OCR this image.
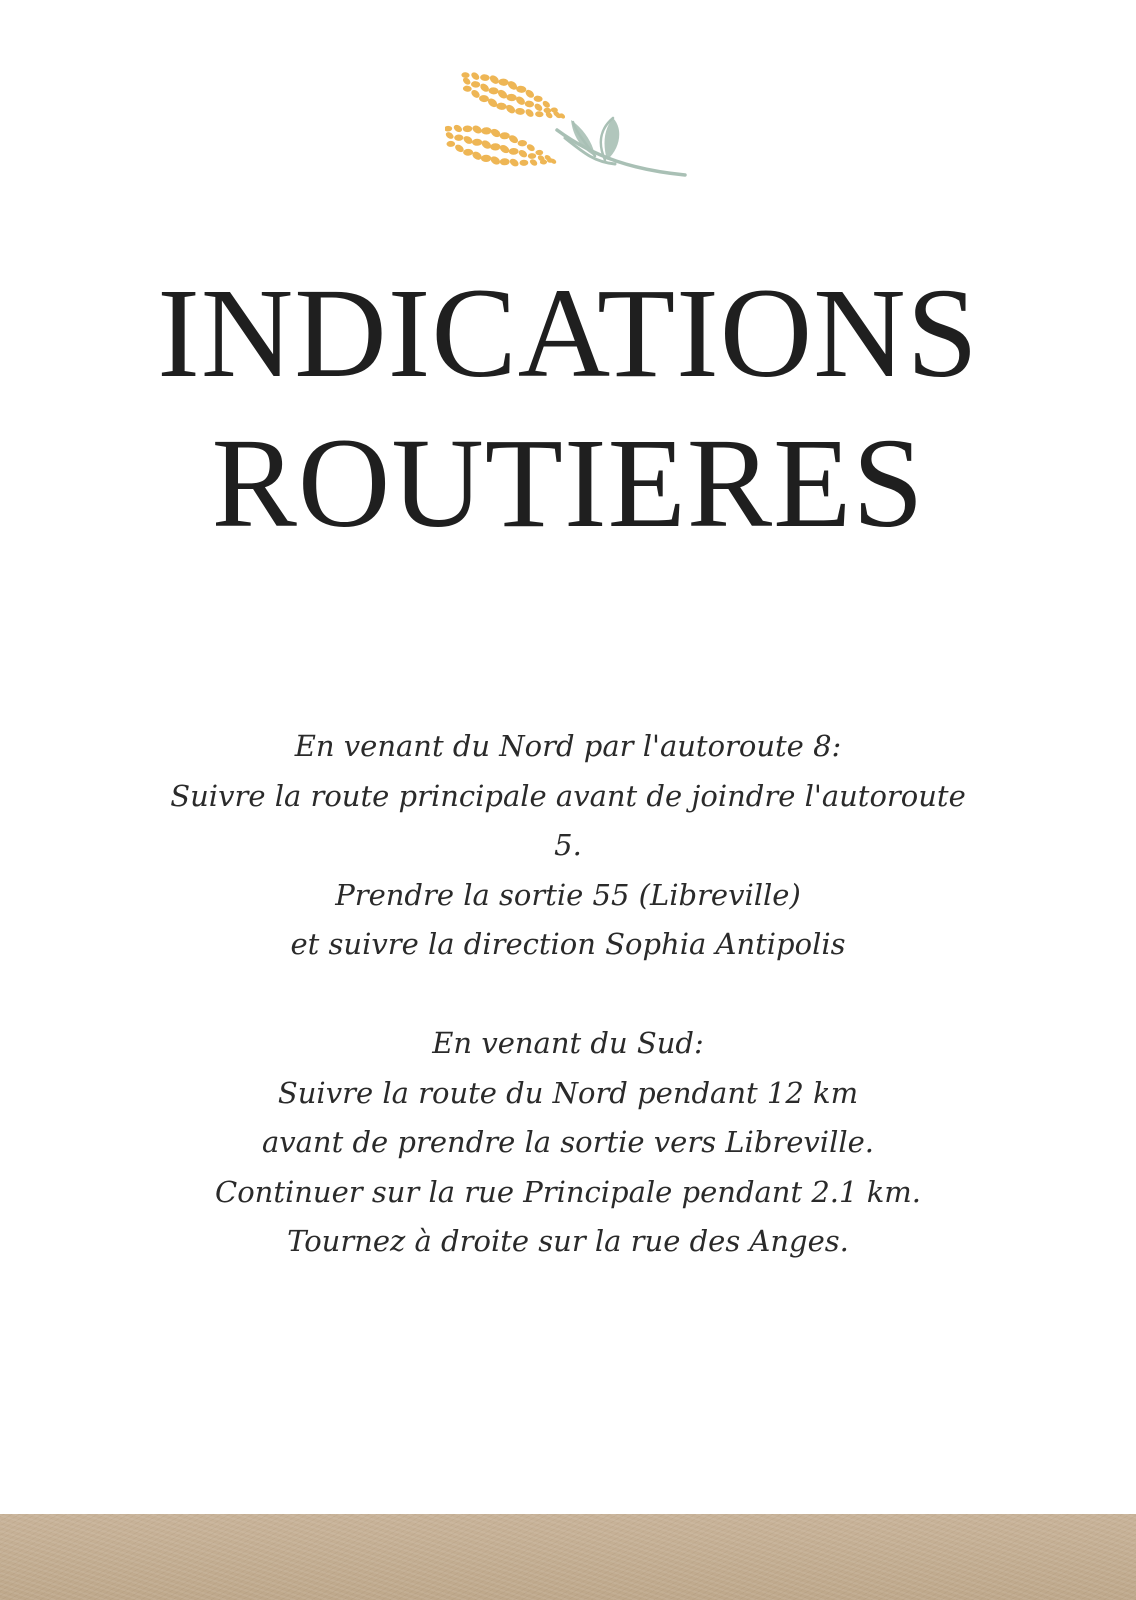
INDICATIONS
ROUTIERES
En venant du Nord par l'autoroute 8:
Suivre la route principale avant de joindre l'autoroute
5.
Prendre la sortie 55 (Libreville)
et suivre la direction Sophia Antipolis
En venant du Sud:
Suivre la route du Nord pendant 12 km
avant de prendre la sortie vers Libreville.
Continuer sur la rue Principale pendant 2.1 km.
Tournez à droite sur la rue des Anges.
